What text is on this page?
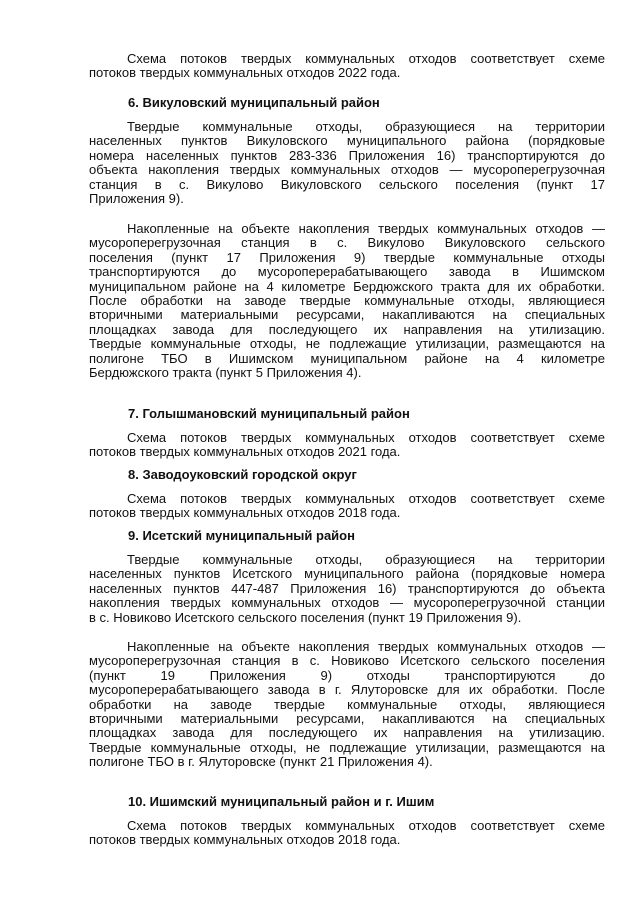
Схема потоков твердых коммунальных отходов соответствует схеме
потоков твердых коммунальных отходов 2022 года.
6. Викуловский муниципальный район
Твердые коммунальные отходы, образующиеся на территории
населенных пунктов Викуловского муниципального района (порядковые
номера населенных пунктов 283-336 Приложения 16) транспортируются до
объекта накопления твердых коммунальных отходов — мусороперегрузочная
станция в с. Викулово Викуловского сельского поселения (пункт 17
Приложения 9).
Накопленные на объекте накопления твердых коммунальных отходов —
мусороперегрузочная станция в с. Викулово Викуловского сельского
поселения (пункт 17 Приложения 9) твердые коммунальные отходы
транспортируются до мусороперерабатывающего завода в Ишимском
муниципальном районе на 4 километре Бердюжского тракта для их обработки.
После обработки на заводе твердые коммунальные отходы, являющиеся
вторичными материальными ресурсами, накапливаются на специальных
площадках завода для последующего их направления на утилизацию.
Твердые коммунальные отходы, не подлежащие утилизации, размещаются на
полигоне ТБО в Ишимском муниципальном районе на 4 километре
Бердюжского тракта (пункт 5 Приложения 4).
7. Голышмановский муниципальный район
Схема потоков твердых коммунальных отходов соответствует схеме
потоков твердых коммунальных отходов 2021 года.
8. Заводоуковский городской округ
Схема потоков твердых коммунальных отходов соответствует схеме
потоков твердых коммунальных отходов 2018 года.
9. Исетский муниципальный район
Твердые коммунальные отходы, образующиеся на территории
населенных пунктов Исетского муниципального района (порядковые номера
населенных пунктов 447-487 Приложения 16) транспортируются до объекта
накопления твердых коммунальных отходов — мусороперегрузочной станции
в с. Новиково Исетского сельского поселения (пункт 19 Приложения 9).
Накопленные на объекте накопления твердых коммунальных отходов —
мусороперегрузочная станция в с. Новиково Исетского сельского поселения
(пункт 19 Приложения 9) отходы транспортируются до
мусороперерабатывающего завода в г. Ялуторовске для их обработки. После
обработки на заводе твердые коммунальные отходы, являющиеся
вторичными материальными ресурсами, накапливаются на специальных
площадках завода для последующего их направления на утилизацию.
Твердые коммунальные отходы, не подлежащие утилизации, размещаются на
полигоне ТБО в г. Ялуторовске (пункт 21 Приложения 4).
10. Ишимский муниципальный район и г. Ишим
Схема потоков твердых коммунальных отходов соответствует схеме
потоков твердых коммунальных отходов 2018 года.
